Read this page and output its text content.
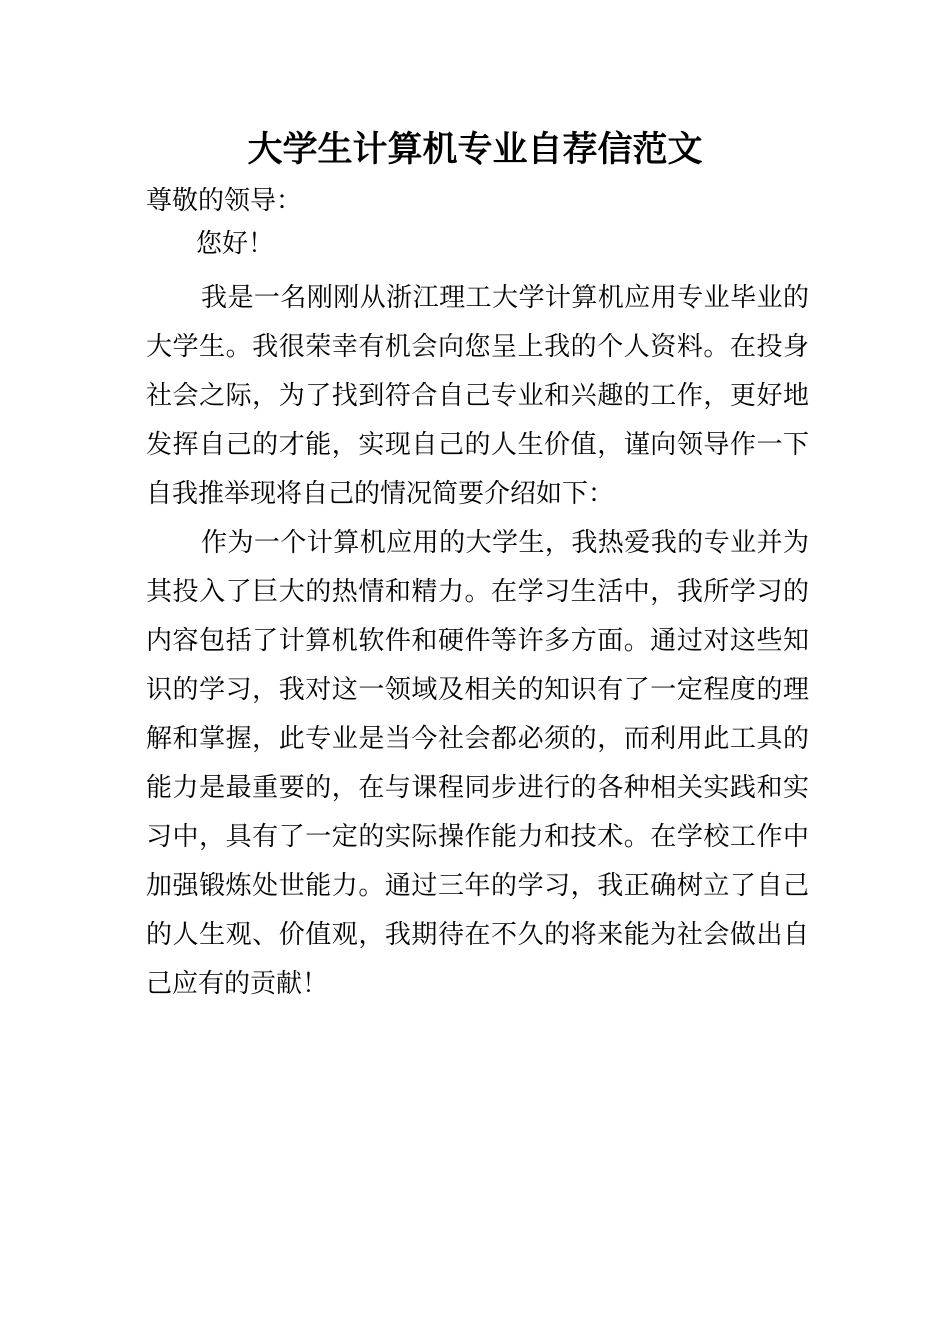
大学生计算机专业自荐信范文
尊敬的领导：
您好！

我是一名刚刚从浙江理工大学计算机应用专业毕业的大学生。我很荣幸有机会向您呈上我的个人资料。在投身社会之际，为了找到符合自己专业和兴趣的工作，更好地发挥自己的才能，实现自己的人生价值，谨向领导作一下自我推举现将自己的情况简要介绍如下：

作为一个计算机应用的大学生，我热爱我的专业并为其投入了巨大的热情和精力。在学习生活中，我所学习的内容包括了计算机软件和硬件等许多方面。通过对这些知识的学习，我对这一领域及相关的知识有了一定程度的理解和掌握，此专业是当今社会都必须的，而利用此工具的能力是最重要的，在与课程同步进行的各种相关实践和实习中，具有了一定的实际操作能力和技术。在学校工作中加强锻炼处世能力。通过三年的学习，我正确树立了自己的人生观、价值观，我期待在不久的将来能为社会做出自己应有的贡献！
